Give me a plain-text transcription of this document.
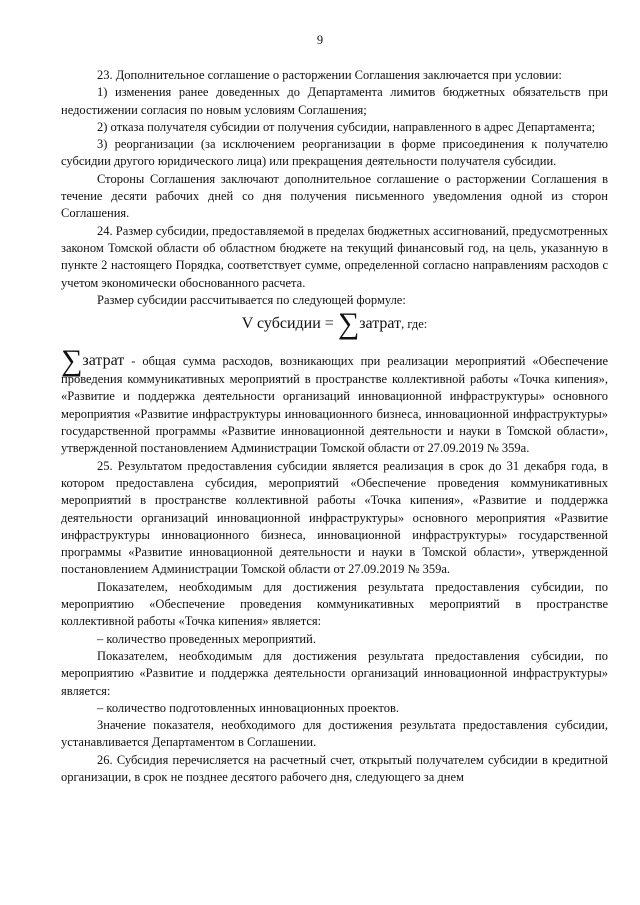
9

23. Дополнительное соглашение о расторжении Соглашения заключается при условии:

1) изменения ранее доведенных до Департамента лимитов бюджетных обязательств при недостижении согласия по новым условиям Соглашения;

2) отказа получателя субсидии от получения субсидии, направленного в адрес Департамента;

3) реорганизации (за исключением реорганизации в форме присоединения к получателю субсидии другого юридического лица) или прекращения деятельности получателя субсидии.

Стороны Соглашения заключают дополнительное соглашение о расторжении Соглашения в течение десяти рабочих дней со дня получения письменного уведомления одной из сторон Соглашения.

24. Размер субсидии, предоставляемой в пределах бюджетных ассигнований, предусмотренных законом Томской области об областном бюджете на текущий финансовый год, на цель, указанную в пункте 2 настоящего Порядка, соответствует сумме, определенной согласно направлениям расходов с учетом экономически обоснованного расчета.

Размер субсидии рассчитывается по следующей формуле:

V субсидии = ∑затрат, где:

∑затрат - общая сумма расходов, возникающих при реализации мероприятий «Обеспечение проведения коммуникативных мероприятий в пространстве коллективной работы «Точка кипения», «Развитие и поддержка деятельности организаций инновационной инфраструктуры» основного мероприятия «Развитие инфраструктуры инновационного бизнеса, инновационной инфраструктуры» государственной программы «Развитие инновационной деятельности и науки в Томской области», утвержденной постановлением Администрации Томской области от 27.09.2019 № 359а.

25. Результатом предоставления субсидии является реализация в срок до 31 декабря года, в котором предоставлена субсидия, мероприятий «Обеспечение проведения коммуникативных мероприятий в пространстве коллективной работы «Точка кипения», «Развитие и поддержка деятельности организаций инновационной инфраструктуры» основного мероприятия «Развитие инфраструктуры инновационного бизнеса, инновационной инфраструктуры» государственной программы «Развитие инновационной деятельности и науки в Томской области», утвержденной постановлением Администрации Томской области от 27.09.2019 № 359а.

Показателем, необходимым для достижения результата предоставления субсидии, по мероприятию «Обеспечение проведения коммуникативных мероприятий в пространстве коллективной работы «Точка кипения» является:

– количество проведенных мероприятий.

Показателем, необходимым для достижения результата предоставления субсидии, по мероприятию «Развитие и поддержка деятельности организаций инновационной инфраструктуры» является:

– количество подготовленных инновационных проектов.

Значение показателя, необходимого для достижения результата предоставления субсидии, устанавливается Департаментом в Соглашении.

26. Субсидия перечисляется на расчетный счет, открытый получателем субсидии в кредитной организации, в срок не позднее десятого рабочего дня, следующего за днем
